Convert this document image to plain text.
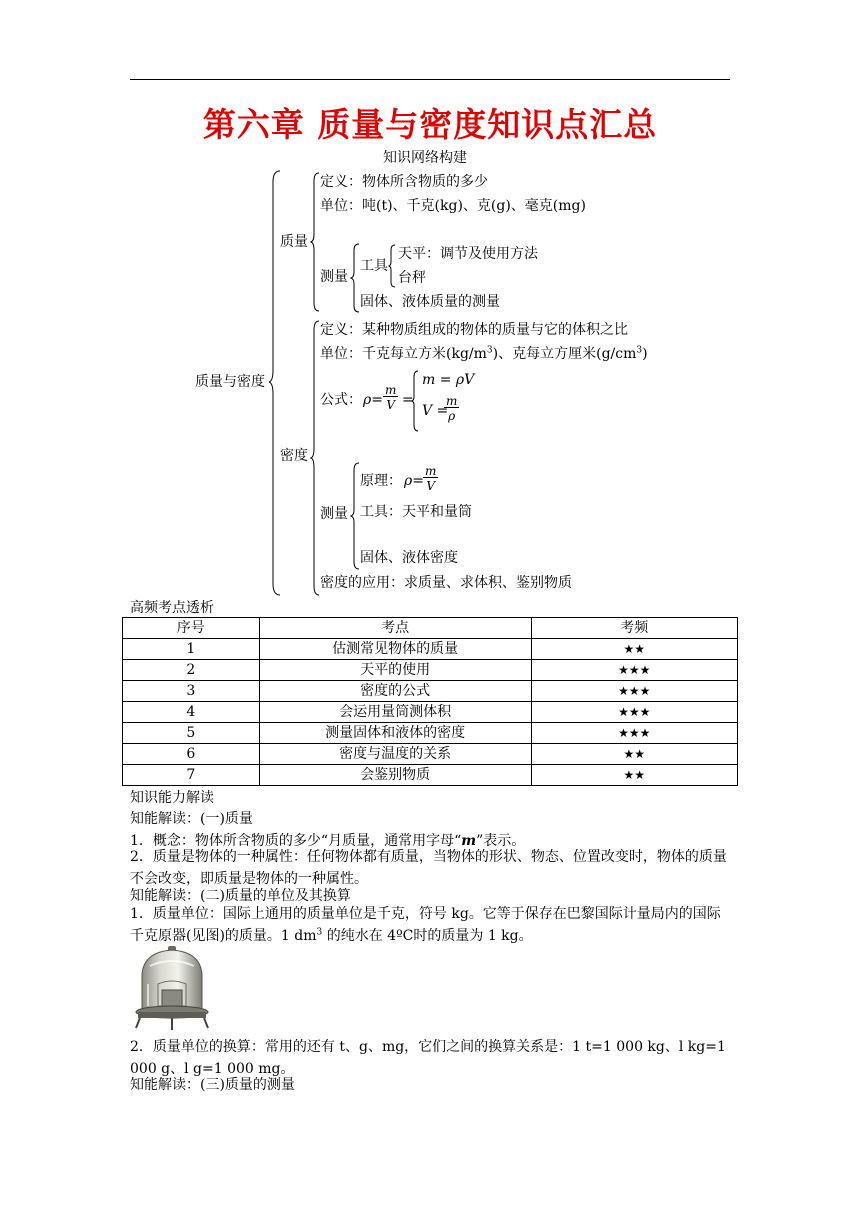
第六章 质量与密度知识点汇总
知识网络构建
质量与密度
质量
定义：物体所含物质的多少
单位：吨(t)、千克(kg)、克(g)、毫克(mg)
测量
工具
天平：调节及使用方法
台秤
固体、液体质量的测量
密度
定义：某种物质组成的物体的质量与它的体积之比
单位：千克每立方米$(kg/m^3)$、克每立方厘米$(g/cm^3)$
公式： $\rho= \frac{m}{V}$ =
m = ρV
V =
$\frac{m}{\rho}$
测量
原理： $\rho= \frac{m}{V}$
工具：天平和量筒
固体、液体密度
密度的应用：求质量、求体积、鉴别物质
高频考点透析
序号	考点	考频
1	估测常见物体的质量	★★
2	天平的使用	★★★
3	密度的公式	★★★
4	会运用量筒测体积	★★★
5	测量固体和液体的密度	★★★
6	密度与温度的关系	★★
7	会鉴别物质	★★
知识能力解读
知能解读：(一)质量
1．概念：物体所含物质的多少“月质量，通常用字母“m”表示。
2．质量是物体的一种属性：任何物体都有质量，当物体的形状、物态、位置改变时，物体的质量不会改变，即质量是物体的一种属性。
知能解读：(二)质量的单位及其换算
1．质量单位：国际上通用的质量单位是千克，符号 kg。它等于保存在巴黎国际计量局内的国际千克原器(见图)的质量。1 $dm^3$ 的纯水在 4ºC时的质量为 1 kg。
2．质量单位的换算：常用的还有 t、g、mg，它们之间的换算关系是：1 t=1 000 kg、l kg=1 000 g、l g=1 000 mg。
知能解读：(三)质量的测量
